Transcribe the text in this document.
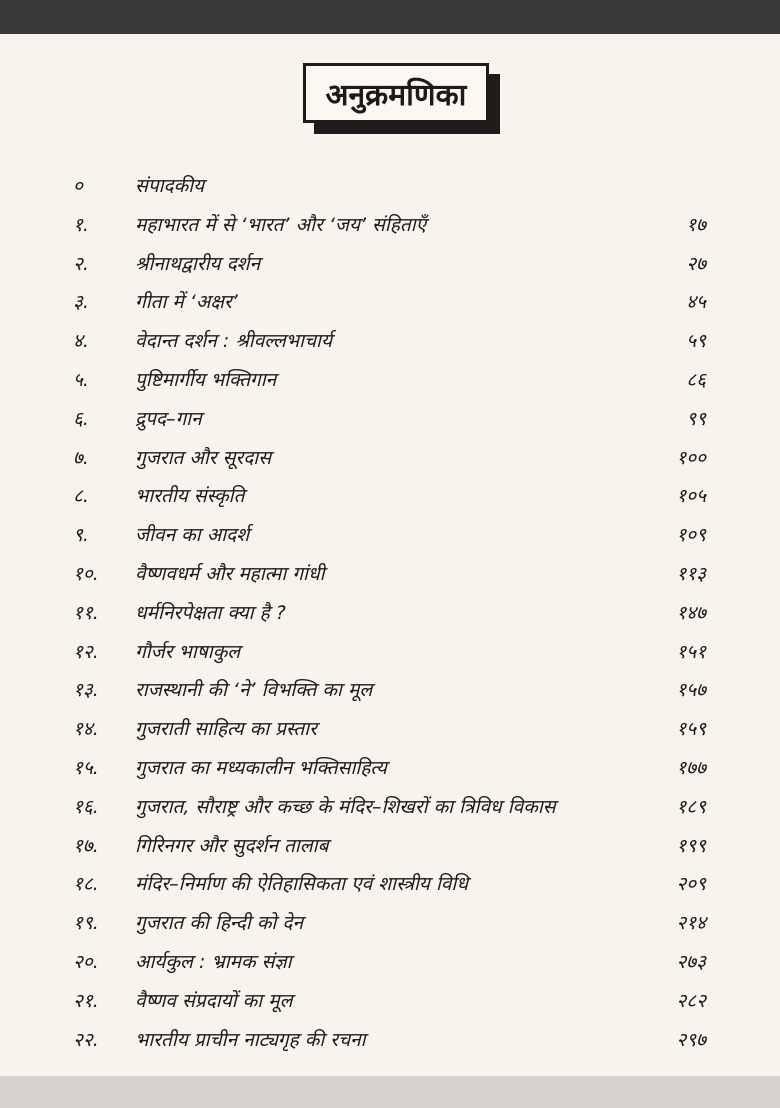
अनुक्रमणिका
०	संपादकीय
१. महाभारत में से ‘भारत’ और ‘जय’ संहिताएँ	१७
२. श्रीनाथद्वारीय दर्शन	२७
३. गीता में ‘अक्षर’	४५
४. वेदान्त दर्शन : श्रीवल्लभाचार्य	५९
५. पुष्टिमार्गीय भक्तिगान	८६
६. द्रुपद–गान	९९
७. गुजरात और सूरदास	१००
८. भारतीय संस्कृति	१०५
९. जीवन का आदर्श	१०९
१०. वैष्णवधर्म और महात्मा गांधी	११३
११. धर्मनिरपेक्षता क्या है ?	१४७
१२. गौर्जर भाषाकुल	१५१
१३. राजस्थानी की ‘ने’ विभक्ति का मूल	१५७
१४. गुजराती साहित्य का प्रस्तार	१५९
१५. गुजरात का मध्यकालीन भक्तिसाहित्य	१७७
१६. गुजरात, सौराष्ट्र और कच्छ के मंदिर–शिखरों का त्रिविध विकास	१८९
१७. गिरिनगर और सुदर्शन तालाब	१९९
१८. मंदिर–निर्माण की ऐतिहासिकता एवं शास्त्रीय विधि	२०९
१९. गुजरात की हिन्दी को देन	२१४
२०. आर्यकुल : भ्रामक संज्ञा	२७३
२१. वैष्णव संप्रदायों का मूल	२८२
२२. भारतीय प्राचीन नाट्यगृह की रचना	२९७
